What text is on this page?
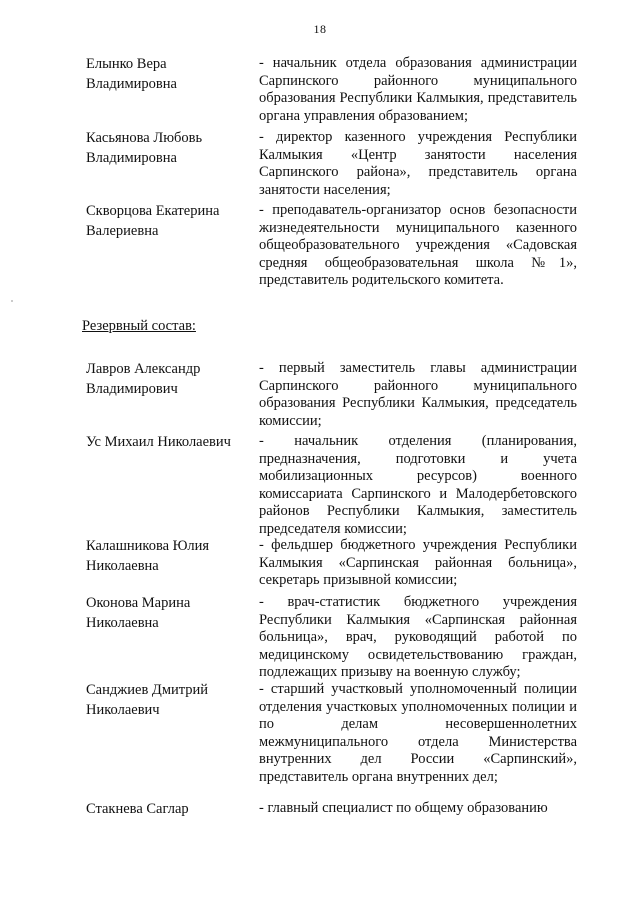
18
Елынко Вера Владимировна
- начальник отдела образования администрации Сарпинского районного муниципального образования Республики Калмыкия, представитель органа управления образованием;
Касьянова Любовь Владимировна
- директор казенного учреждения Республики Калмыкия «Центр занятости населения Сарпинского района», представитель органа занятости населения;
Скворцова Екатерина Валериевна
- преподаватель-организатор основ безопасности жизнедеятельности муниципального казенного общеобразовательного учреждения «Садовская средняя общеобразовательная школа №1», представитель родительского комитета.
Резервный состав:
Лавров Александр Владимирович
- первый заместитель главы администрации Сарпинского районного муниципального образования Республики Калмыкия, председатель комиссии;
Ус Михаил Николаевич	- начальник отделения (планирования, предназначения, подготовки и учета мобилизационных ресурсов) военного комиссариата Сарпинского и Малодербетовского районов Республики Калмыкия, заместитель председателя комиссии;
Калашникова Юлия Николаевна
- фельдшер бюджетного учреждения Республики Калмыкия «Сарпинская районная больница», секретарь призывной комиссии;
Оконова Марина Николаевна
- врач-статистик бюджетного учреждения Республики Калмыкия «Сарпинская районная больница», врач, руководящий работой по медицинскому освидетельствованию граждан, подлежащих призыву на военную службу;
Санджиев Дмитрий Николаевич
- старший участковый уполномоченный полиции отделения участковых уполномоченных полиции и по делам несовершеннолетних межмуниципального отдела Министерства внутренних дел России «Сарпинский», представитель органа внутренних дел;
Стакнева Саглар	- главный специалист по общему образованию
